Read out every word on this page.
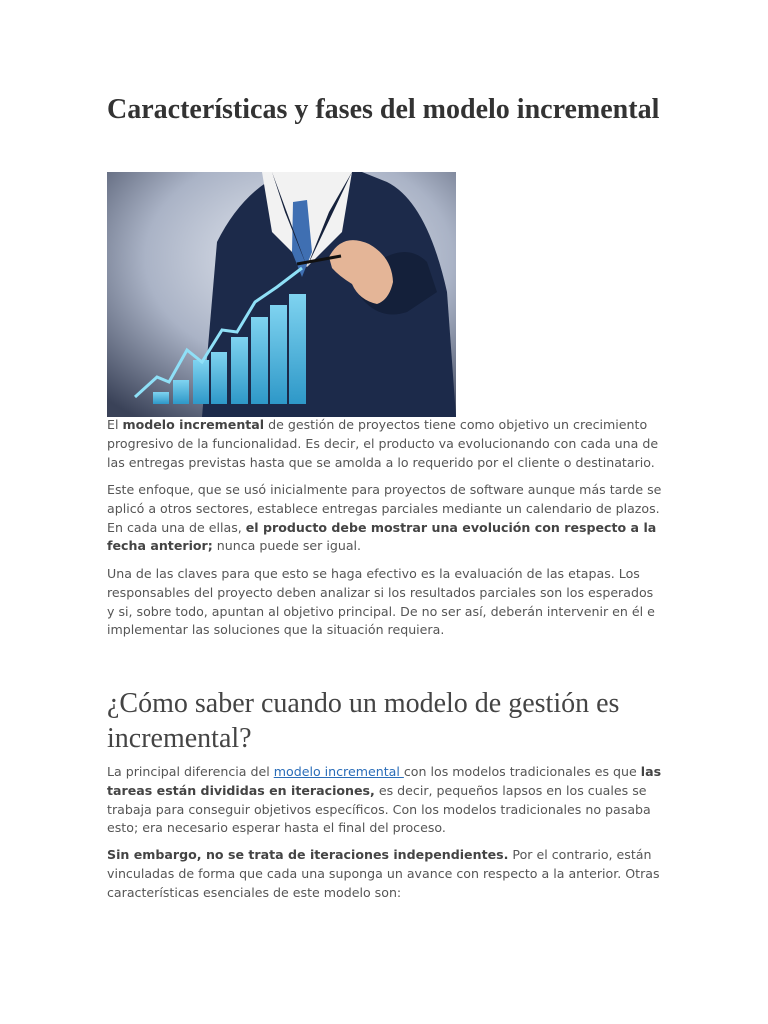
Características y fases del modelo incremental

El modelo incremental de gestión de proyectos tiene como objetivo un crecimiento progresivo de la funcionalidad. Es decir, el producto va evolucionando con cada una de las entregas previstas hasta que se amolda a lo requerido por el cliente o destinatario.

Este enfoque, que se usó inicialmente para proyectos de software aunque más tarde se aplicó a otros sectores, establece entregas parciales mediante un calendario de plazos. En cada una de ellas, el producto debe mostrar una evolución con respecto a la fecha anterior; nunca puede ser igual.

Una de las claves para que esto se haga efectivo es la evaluación de las etapas. Los responsables del proyecto deben analizar si los resultados parciales son los esperados y si, sobre todo, apuntan al objetivo principal. De no ser así, deberán intervenir en él e implementar las soluciones que la situación requiera.

¿Cómo saber cuando un modelo de gestión es incremental?

La principal diferencia del modelo incremental con los modelos tradicionales es que las tareas están divididas en iteraciones, es decir, pequeños lapsos en los cuales se trabaja para conseguir objetivos específicos. Con los modelos tradicionales no pasaba esto; era necesario esperar hasta el final del proceso.

Sin embargo, no se trata de iteraciones independientes. Por el contrario, están vinculadas de forma que cada una suponga un avance con respecto a la anterior. Otras características esenciales de este modelo son:
